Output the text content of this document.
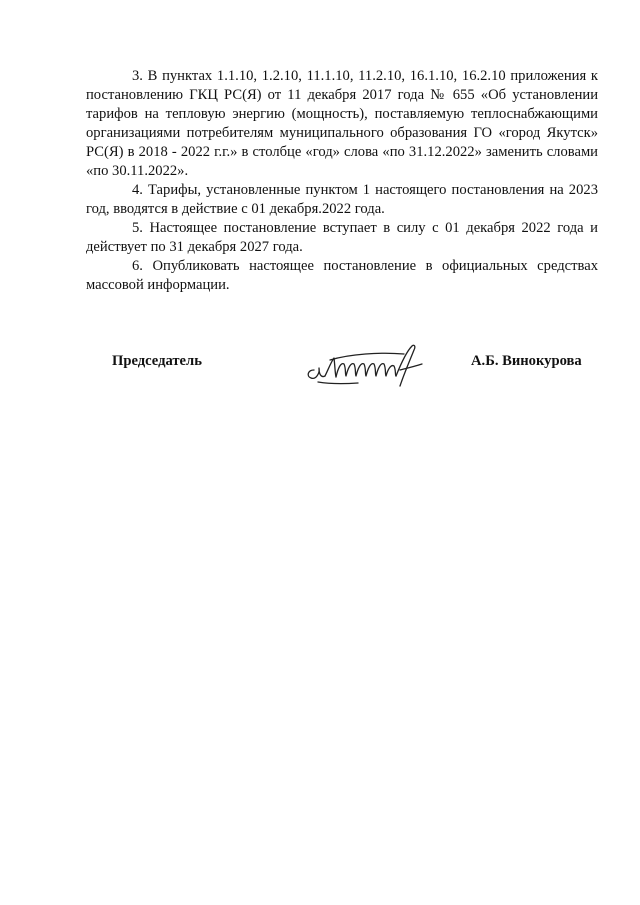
3. В пунктах 1.1.10, 1.2.10, 11.1.10, 11.2.10, 16.1.10, 16.2.10 приложения к постановлению ГКЦ РС(Я) от 11 декабря 2017 года № 655 «Об установлении тарифов на тепловую энергию (мощность), поставляемую теплоснабжающими организациями потребителям муниципального образования ГО «город Якутск» РС(Я) в 2018 - 2022 г.г.» в столбце «год» слова «по 31.12.2022» заменить словами «по 30.11.2022».

4. Тарифы, установленные пунктом 1 настоящего постановления на 2023 год, вводятся в действие с 01 декабря.2022 года.

5. Настоящее постановление вступает в силу с 01 декабря 2022 года и действует по 31 декабря 2027 года.

6. Опубликовать настоящее постановление в официальных средствах массовой информации.

Председатель	А.Б. Винокурова
